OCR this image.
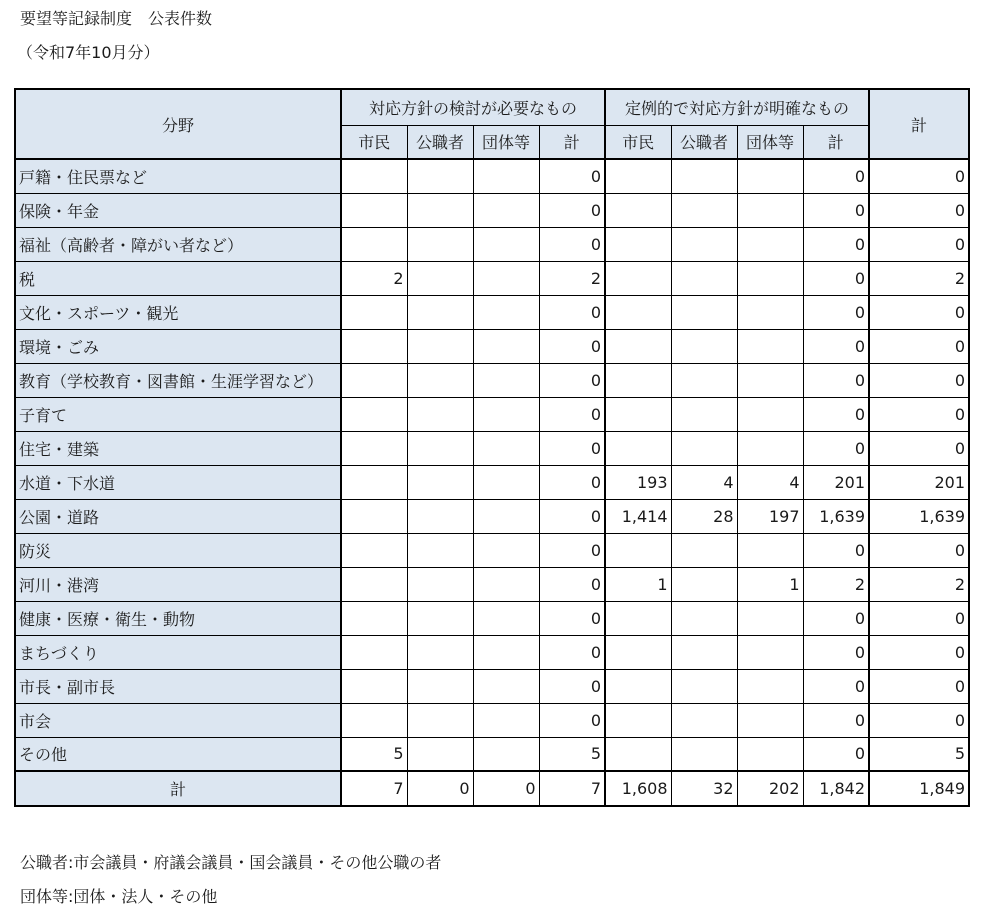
要望等記録制度　公表件数
（令和7年10月分）
分野	対応方針の検討が必要なもの				定例的で対応方針が明確なもの				計
	市民	公職者	団体等	計	市民	公職者	団体等	計	
戸籍・住民票など				0				0	0
保険・年金				0				0	0
福祉（高齢者・障がい者など）				0				0	0
税	2			2				0	2
文化・スポーツ・観光				0				0	0
環境・ごみ				0				0	0
教育（学校教育・図書館・生涯学習など）				0				0	0
子育て				0				0	0
住宅・建築				0				0	0
水道・下水道				0	193	4	4	201	201
公園・道路				0	1,414	28	197	1,639	1,639
防災				0				0	0
河川・港湾				0	1		1	2	2
健康・医療・衛生・動物				0				0	0
まちづくり				0				0	0
市長・副市長				0				0	0
市会				0				0	0
その他	5			5				0	5
計	7	0	0	7	1,608	32	202	1,842	1,849
公職者:市会議員・府議会議員・国会議員・その他公職の者
団体等:団体・法人・その他
